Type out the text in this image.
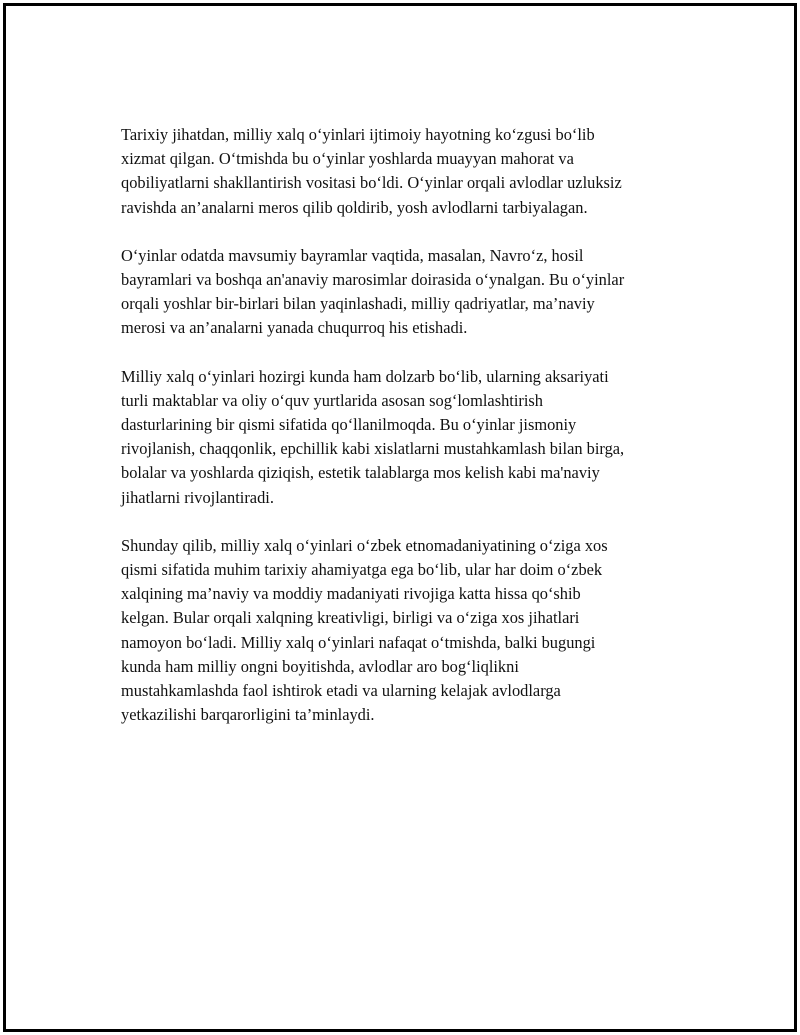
Tarixiy jihatdan, milliy xalq o‘yinlari ijtimoiy hayotning ko‘zgusi bo‘lib
xizmat qilgan. O‘tmishda bu o‘yinlar yoshlarda muayyan mahorat va
qobiliyatlarni shakllantirish vositasi bo‘ldi. O‘yinlar orqali avlodlar uzluksiz
ravishda an’analarni meros qilib qoldirib, yosh avlodlarni tarbiyalagan.

O‘yinlar odatda mavsumiy bayramlar vaqtida, masalan, Navro‘z, hosil
bayramlari va boshqa an'anaviy marosimlar doirasida o‘ynalgan. Bu o‘yinlar
orqali yoshlar bir-birlari bilan yaqinlashadi, milliy qadriyatlar, ma’naviy
merosi va an’analarni yanada chuqurroq his etishadi.

Milliy xalq o‘yinlari hozirgi kunda ham dolzarb bo‘lib, ularning aksariyati
turli maktablar va oliy o‘quv yurtlarida asosan sog‘lomlashtirish
dasturlarining bir qismi sifatida qo‘llanilmoqda. Bu o‘yinlar jismoniy
rivojlanish, chaqqonlik, epchillik kabi xislatlarni mustahkamlash bilan birga,
bolalar va yoshlarda qiziqish, estetik talablarga mos kelish kabi ma'naviy
jihatlarni rivojlantiradi.

Shunday qilib, milliy xalq o‘yinlari o‘zbek etnomadaniyatining o‘ziga xos
qismi sifatida muhim tarixiy ahamiyatga ega bo‘lib, ular har doim o‘zbek
xalqining ma’naviy va moddiy madaniyati rivojiga katta hissa qo‘shib
kelgan. Bular orqali xalqning kreativligi, birligi va o‘ziga xos jihatlari
namoyon bo‘ladi. Milliy xalq o‘yinlari nafaqat o‘tmishda, balki bugungi
kunda ham milliy ongni boyitishda, avlodlar aro bog‘liqlikni
mustahkamlashda faol ishtirok etadi va ularning kelajak avlodlarga
yetkazilishi barqarorligini ta’minlaydi.
